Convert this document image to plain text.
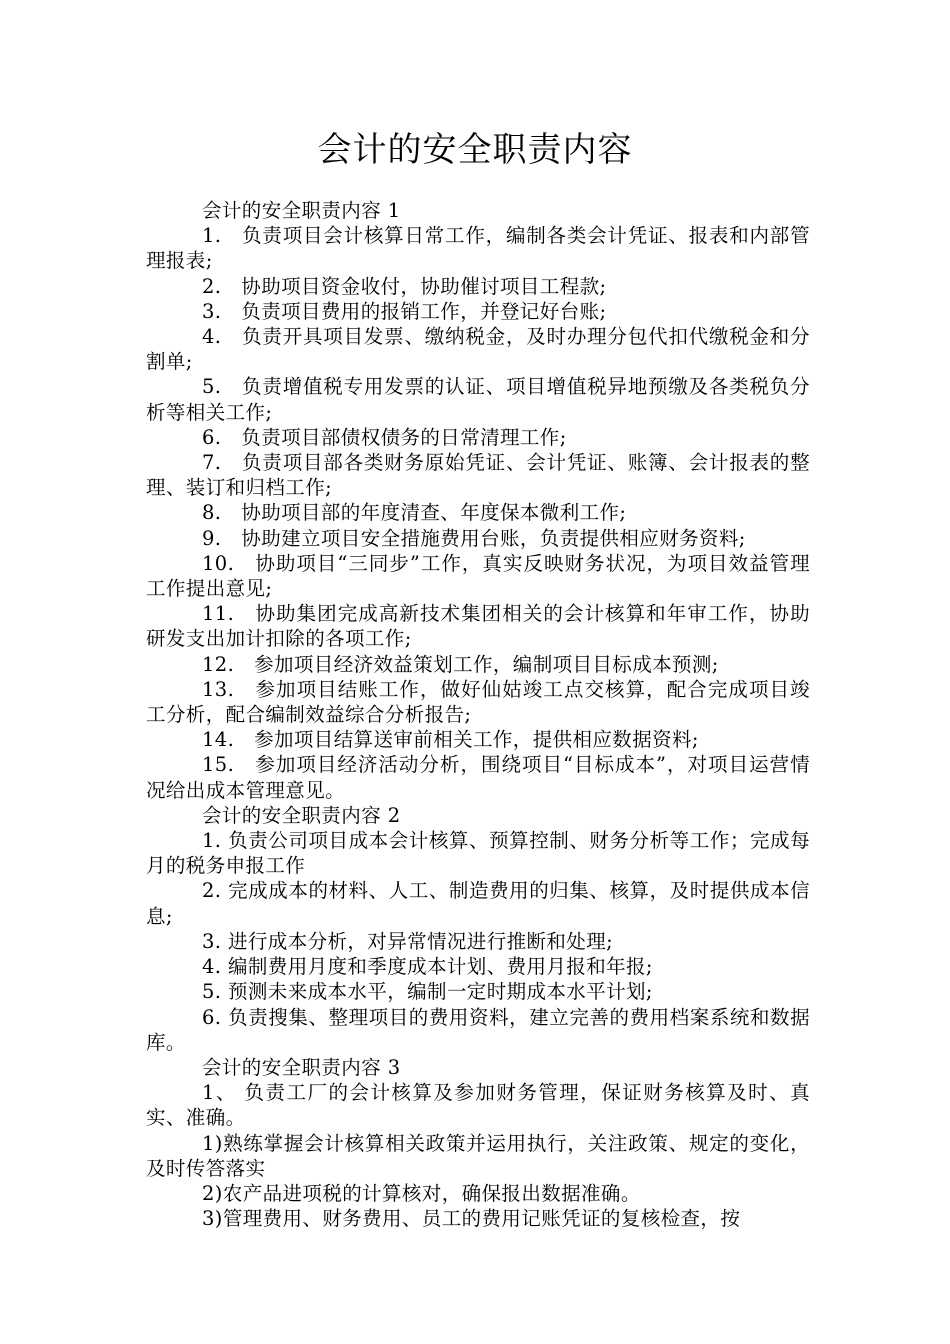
会计的安全职责内容

会计的安全职责内容 1

1.　负责项目会计核算日常工作，编制各类会计凭证、报表和内部管理报表;

2.　协助项目资金收付，协助催讨项目工程款;

3.　负责项目费用的报销工作，并登记好台账;

4.　负责开具项目发票、缴纳税金，及时办理分包代扣代缴税金和分割单;

5.　负责增值税专用发票的认证、项目增值税异地预缴及各类税负分析等相关工作;

6.　负责项目部债权债务的日常清理工作;

7.　负责项目部各类财务原始凭证、会计凭证、账簿、会计报表的整理、装订和归档工作;

8.　协助项目部的年度清查、年度保本微利工作;

9.　协助建立项目安全措施费用台账，负责提供相应财务资料;

10.　协助项目“三同步”工作，真实反映财务状况，为项目效益管理工作提出意见;

11.　协助集团完成高新技术集团相关的会计核算和年审工作，协助研发支出加计扣除的各项工作;

12.　参加项目经济效益策划工作，编制项目目标成本预测;

13.　参加项目结账工作，做好仙姑竣工点交核算，配合完成项目竣工分析，配合编制效益综合分析报告;

14.　参加项目结算送审前相关工作，提供相应数据资料;

15.　参加项目经济活动分析，围绕项目“目标成本”，对项目运营情况给出成本管理意见。

会计的安全职责内容 2

1. 负责公司项目成本会计核算、预算控制、财务分析等工作；完成每月的税务申报工作

2. 完成成本的材料、人工、制造费用的归集、核算，及时提供成本信息;

3. 进行成本分析，对异常情况进行推断和处理;

4. 编制费用月度和季度成本计划、费用月报和年报;

5. 预测未来成本水平，编制一定时期成本水平计划;

6. 负责搜集、整理项目的费用资料，建立完善的费用档案系统和数据库。

会计的安全职责内容 3

1、 负责工厂的会计核算及参加财务管理，保证财务核算及时、真实、准确。

1)熟练掌握会计核算相关政策并运用执行，关注政策、规定的变化，及时传答落实

2)农产品进项税的计算核对，确保报出数据准确。

3)管理费用、财务费用、员工的费用记账凭证的复核检查，按
